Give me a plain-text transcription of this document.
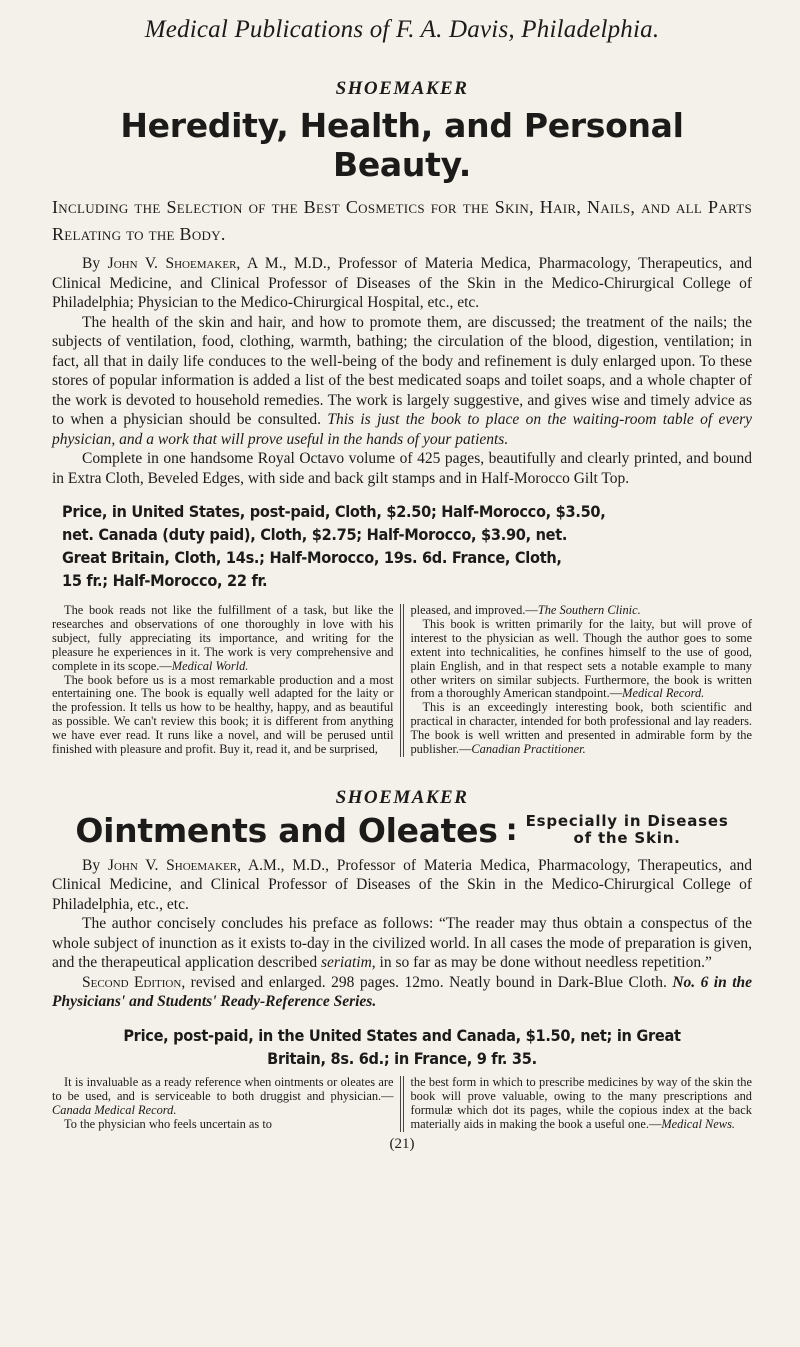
Medical Publications of F. A. Davis, Philadelphia.
SHOEMAKER
Heredity, Health, and Personal Beauty.
Including the Selection of the Best Cosmetics for the Skin, Hair, Nails, and all Parts Relating to the Body.

By John V. Shoemaker, A M., M.D., Professor of Materia Medica, Pharmacology, Therapeutics, and Clinical Medicine, and Clinical Professor of Diseases of the Skin in the Medico-Chirurgical College of Philadelphia; Physician to the Medico-Chirurgical Hospital, etc., etc.

The health of the skin and hair, and how to promote them, are discussed; the treatment of the nails; the subjects of ventilation, food, clothing, warmth, bathing; the circulation of the blood, digestion, ventilation; in fact, all that in daily life conduces to the well-being of the body and refinement is duly enlarged upon. To these stores of popular information is added a list of the best medicated soaps and toilet soaps, and a whole chapter of the work is devoted to household remedies. The work is largely suggestive, and gives wise and timely advice as to when a physician should be consulted. This is just the book to place on the waiting-room table of every physician, and a work that will prove useful in the hands of your patients.

Complete in one handsome Royal Octavo volume of 425 pages, beautifully and clearly printed, and bound in Extra Cloth, Beveled Edges, with side and back gilt stamps and in Half-Morocco Gilt Top.

Price, in United States, post-paid, Cloth, $2.50; Half-Morocco, $3.50,
net. Canada (duty paid), Cloth, $2.75; Half-Morocco, $3.90, net.
Great Britain, Cloth, 14s.; Half-Morocco, 19s. 6d. France, Cloth,
15 fr.; Half-Morocco, 22 fr.

The book reads not like the fulfillment of a task, but like the researches and observations of one thoroughly in love with his subject, fully appreciating its importance, and writing for the pleasure he experiences in it. The work is very comprehensive and complete in its scope.—Medical World.

The book before us is a most remarkable production and a most entertaining one. The book is equally well adapted for the laity or the profession. It tells us how to be healthy, happy, and as beautiful as possible. We can't review this book; it is different from anything we have ever read. It runs like a novel, and will be perused until finished with pleasure and profit. Buy it, read it, and be surprised,

pleased, and improved.—The Southern Clinic.

This book is written primarily for the laity, but will prove of interest to the physician as well. Though the author goes to some extent into technicalities, he confines himself to the use of good, plain English, and in that respect sets a notable example to many other writers on similar subjects. Furthermore, the book is written from a thoroughly American standpoint.—Medical Record.

This is an exceedingly interesting book, both scientific and practical in character, intended for both professional and lay readers. The book is well written and presented in admirable form by the publisher.—Canadian Practitioner.

SHOEMAKER
Ointments and Oleates : Especially in Diseases
of the Skin.

By John V. Shoemaker, A.M., M.D., Professor of Materia Medica, Pharmacology, Therapeutics, and Clinical Medicine, and Clinical Professor of Diseases of the Skin in the Medico-Chirurgical College of Philadelphia, etc., etc.

The author concisely concludes his preface as follows: “The reader may thus obtain a conspectus of the whole subject of inunction as it exists to-day in the civilized world. In all cases the mode of preparation is given, and the therapeutical application described seriatim, in so far as may be done without needless repetition.”

Second Edition, revised and enlarged. 298 pages. 12mo. Neatly bound in Dark-Blue Cloth. No. 6 in the Physicians' and Students' Ready-Reference Series.

Price, post-paid, in the United States and Canada, $1.50, net; in Great
Britain, 8s. 6d.; in France, 9 fr. 35.

It is invaluable as a ready reference when ointments or oleates are to be used, and is serviceable to both druggist and physician.—Canada Medical Record.

To the physician who feels uncertain as to

the best form in which to prescribe medicines by way of the skin the book will prove valuable, owing to the many prescriptions and formulæ which dot its pages, while the copious index at the back materially aids in making the book a useful one.—Medical News.

(21)
